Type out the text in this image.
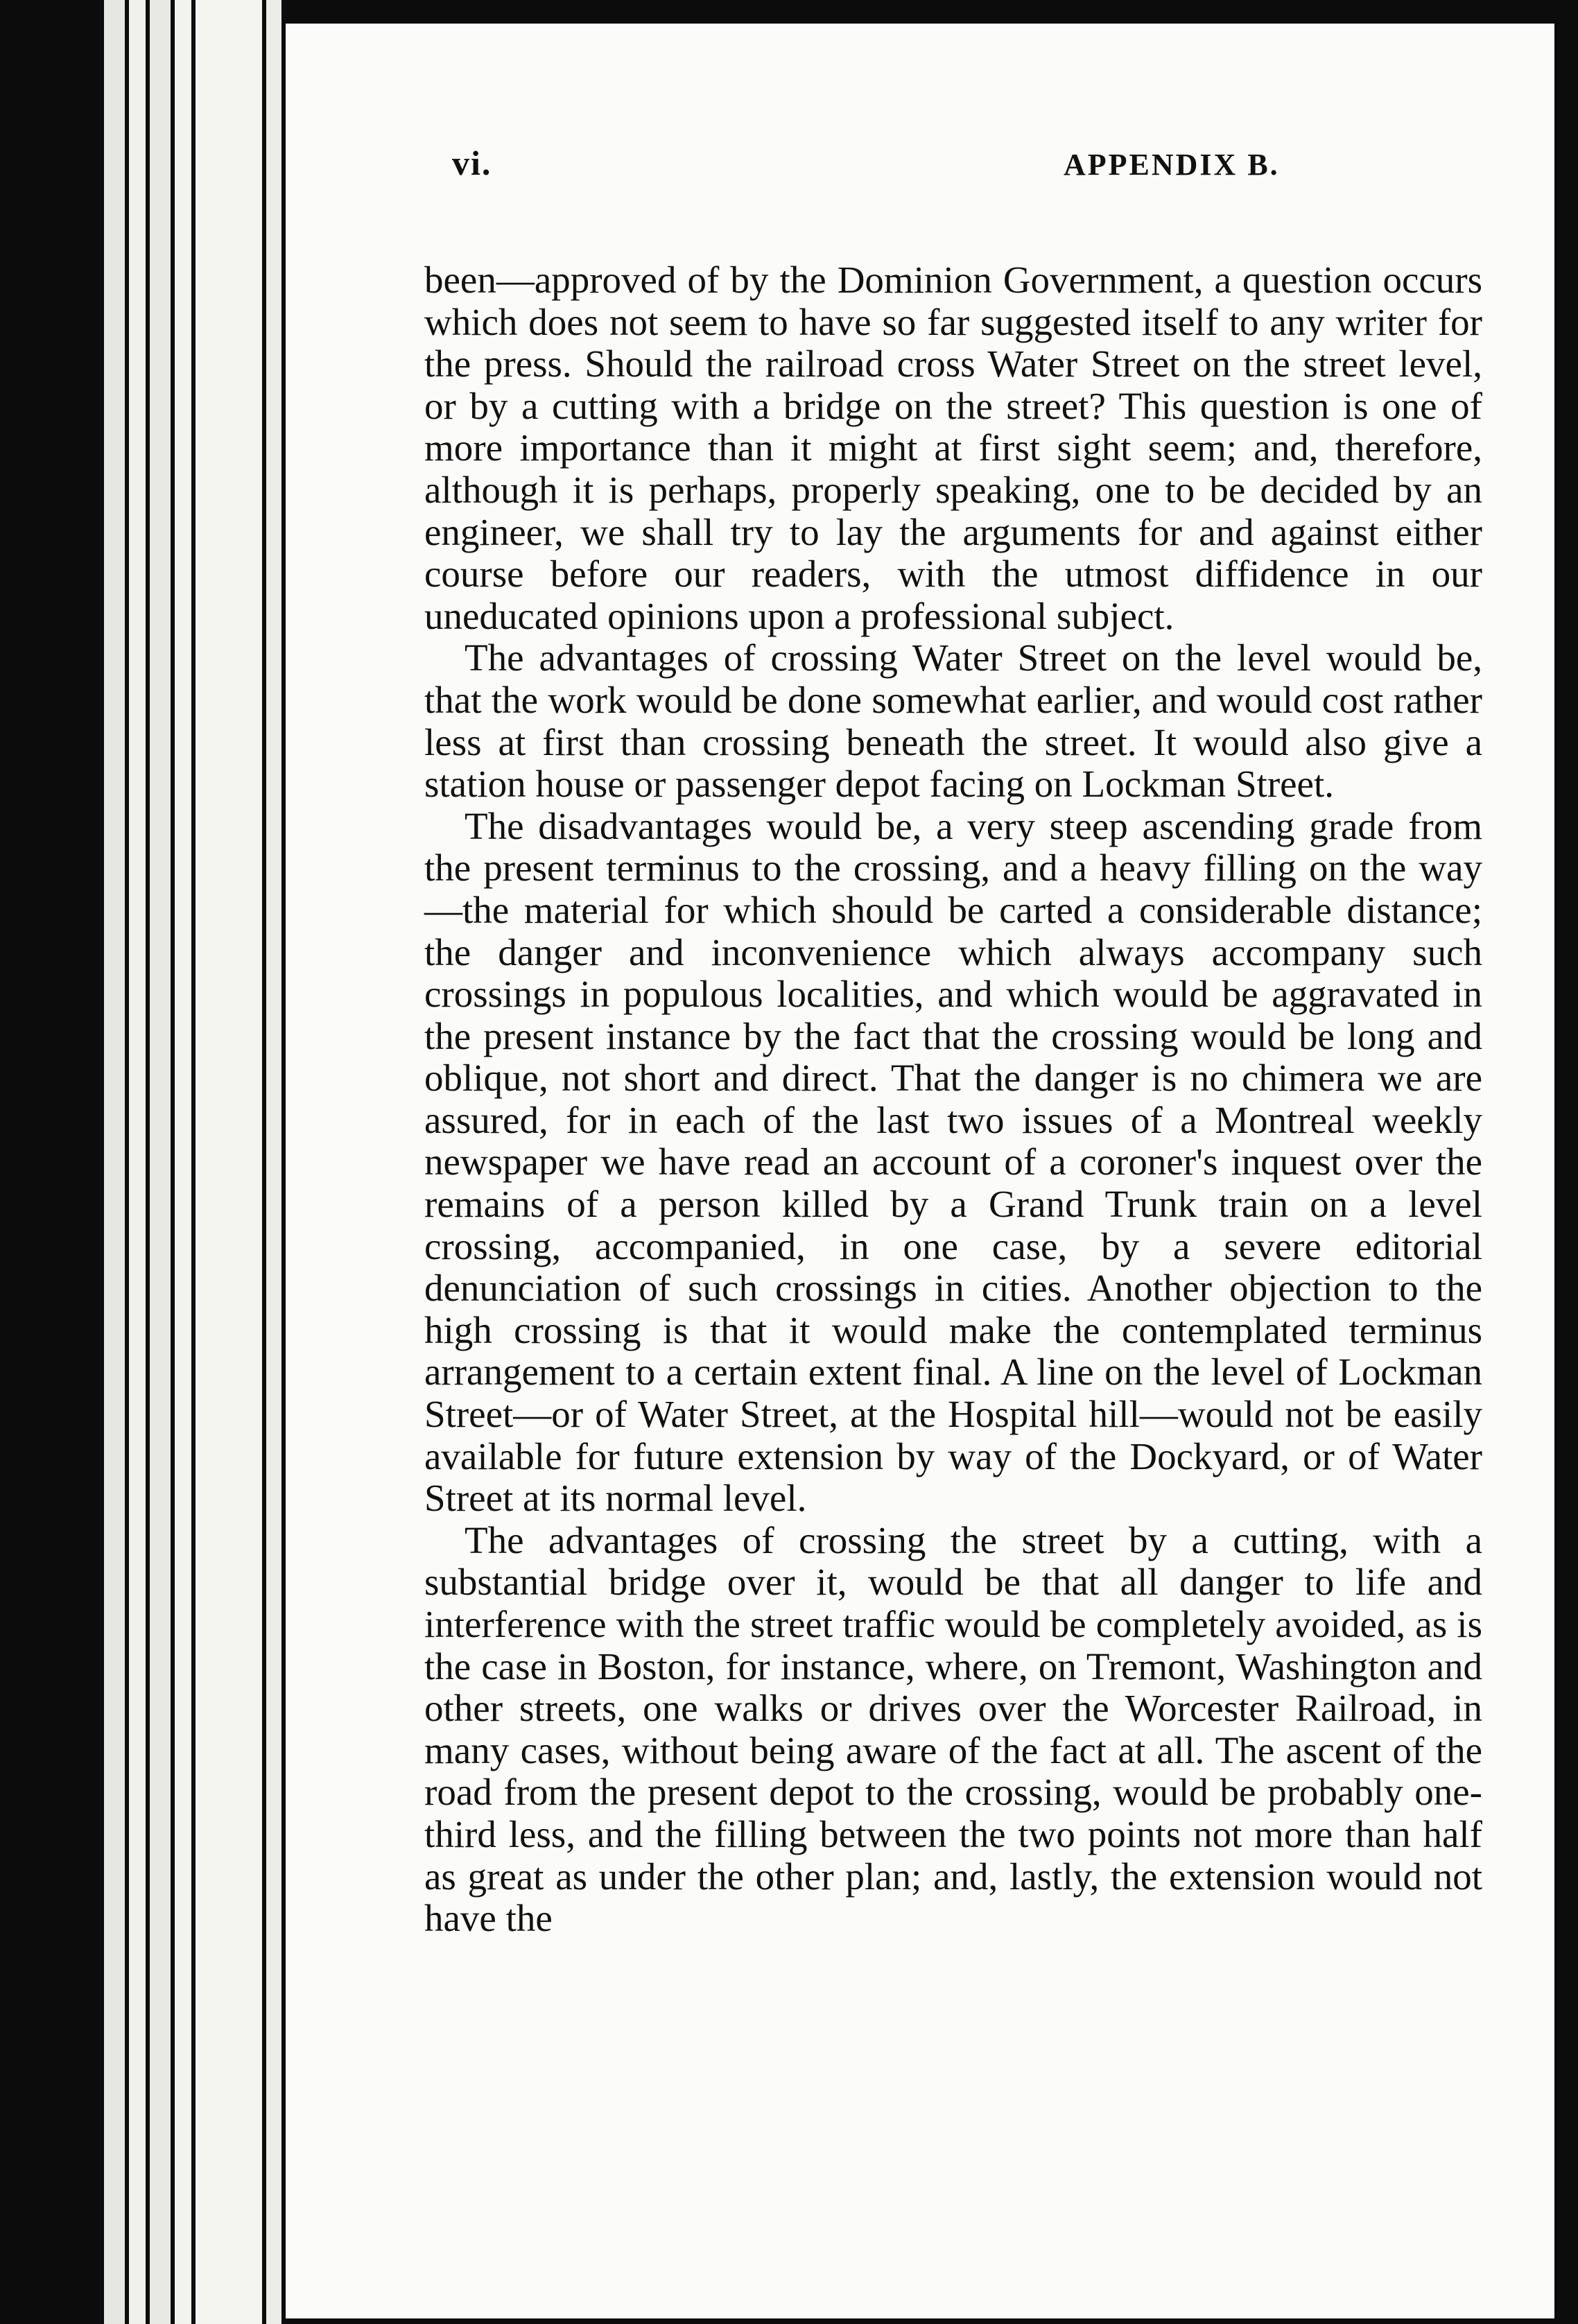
vi.	APPENDIX B.

been—approved of by the Dominion Government, a question occurs which does not seem to have so far suggested itself to any writer for the press. Should the railroad cross Water Street on the street level, or by a cutting with a bridge on the street? This question is one of more importance than it might at first sight seem; and, therefore, although it is perhaps, properly speaking, one to be decided by an engineer, we shall try to lay the arguments for and against either course before our readers, with the utmost diffidence in our uneducated opinions upon a professional subject.

The advantages of crossing Water Street on the level would be, that the work would be done somewhat earlier, and would cost rather less at first than crossing beneath the street. It would also give a station house or passenger depot facing on Lockman Street.

The disadvantages would be, a very steep ascending grade from the present terminus to the crossing, and a heavy filling on the way—the material for which should be carted a considerable distance; the danger and inconvenience which always accompany such crossings in populous localities, and which would be aggravated in the present instance by the fact that the crossing would be long and oblique, not short and direct. That the danger is no chimera we are assured, for in each of the last two issues of a Montreal weekly newspaper we have read an account of a coroner's inquest over the remains of a person killed by a Grand Trunk train on a level crossing, accompanied, in one case, by a severe editorial denunciation of such crossings in cities. Another objection to the high crossing is that it would make the contemplated terminus arrangement to a certain extent final. A line on the level of Lockman Street—or of Water Street, at the Hospital hill—would not be easily available for future extension by way of the Dockyard, or of Water Street at its normal level.

The advantages of crossing the street by a cutting, with a substantial bridge over it, would be that all danger to life and interference with the street traffic would be completely avoided, as is the case in Boston, for instance, where, on Tremont, Washington and other streets, one walks or drives over the Worcester Railroad, in many cases, without being aware of the fact at all. The ascent of the road from the present depot to the crossing, would be probably one-third less, and the filling between the two points not more than half as great as under the other plan; and, lastly, the extension would not have the
